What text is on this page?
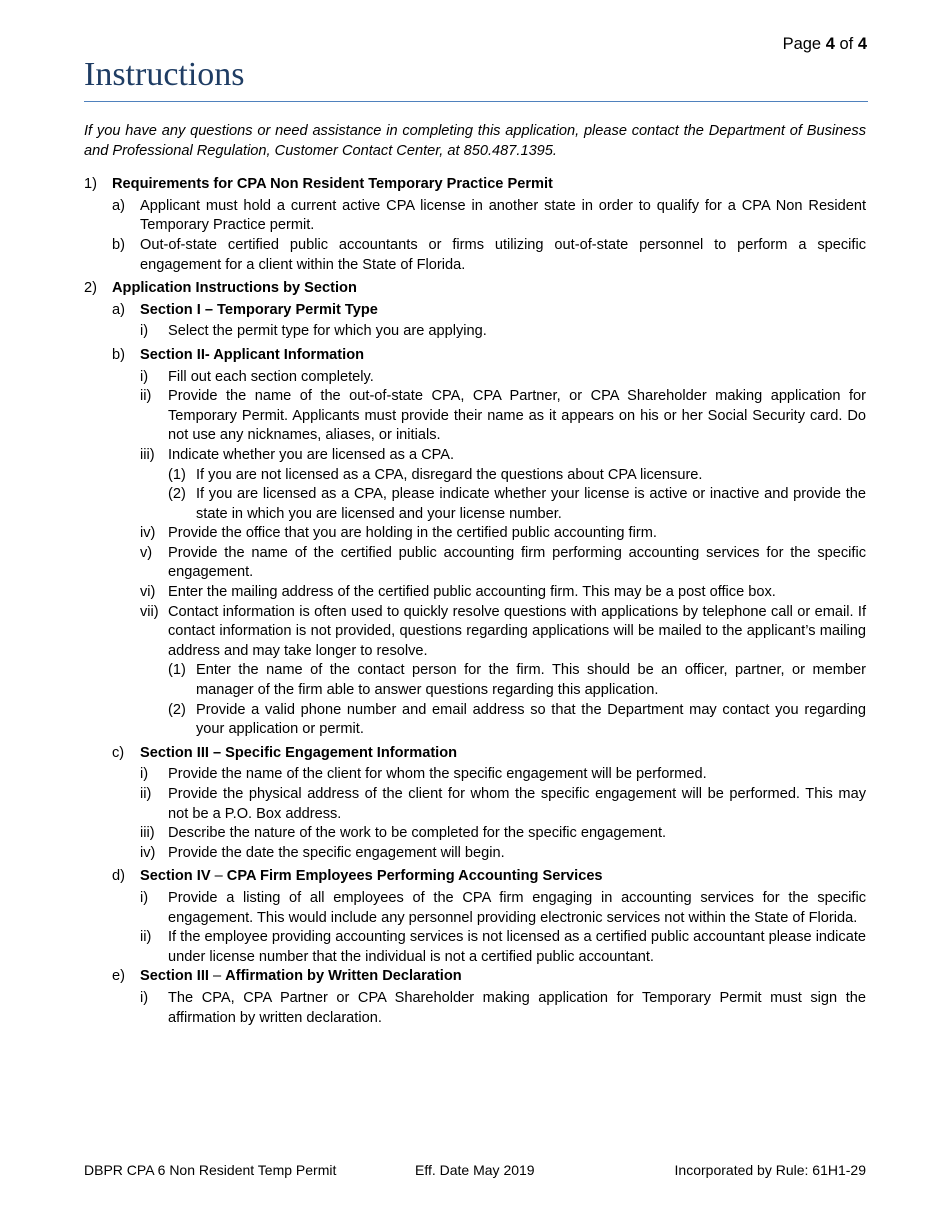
Page 4 of 4
Instructions

If you have any questions or need assistance in completing this application, please contact the Department of Business and Professional Regulation, Customer Contact Center, at 850.487.1395.

1)	Requirements for CPA Non Resident Temporary Practice Permit
a)	Applicant must hold a current active CPA license in another state in order to qualify for a CPA Non Resident Temporary Practice permit.
b)	Out-of-state certified public accountants or firms utilizing out-of-state personnel to perform a specific engagement for a client within the State of Florida.
2)	Application Instructions by Section
a)	Section I – Temporary Permit Type
i)	Select the permit type for which you are applying.
b)	Section II- Applicant Information
i)	Fill out each section completely.
ii)	Provide the name of the out-of-state CPA, CPA Partner, or CPA Shareholder making application for Temporary Permit. Applicants must provide their name as it appears on his or her Social Security card. Do not use any nicknames, aliases, or initials.
iii) Indicate whether you are licensed as a CPA.
(1) If you are not licensed as a CPA, disregard the questions about CPA licensure.
(2) If you are licensed as a CPA, please indicate whether your license is active or inactive and provide the state in which you are licensed and your license number.
iv) Provide the office that you are holding in the certified public accounting firm.
v)	Provide the name of the certified public accounting firm performing accounting services for the specific engagement.
vi) Enter the mailing address of the certified public accounting firm. This may be a post office box.
vii) Contact information is often used to quickly resolve questions with applications by telephone call or email. If contact information is not provided, questions regarding applications will be mailed to the applicant’s mailing address and may take longer to resolve.
(1) Enter the name of the contact person for the firm. This should be an officer, partner, or member manager of the firm able to answer questions regarding this application.
(2) Provide a valid phone number and email address so that the Department may contact you regarding your application or permit.
c)	Section III – Specific Engagement Information
i)	Provide the name of the client for whom the specific engagement will be performed.
ii)	Provide the physical address of the client for whom the specific engagement will be performed. This may not be a P.O. Box address.
iii) Describe the nature of the work to be completed for the specific engagement.
iv) Provide the date the specific engagement will begin.
d)	Section IV – CPA Firm Employees Performing Accounting Services
i)	Provide a listing of all employees of the CPA firm engaging in accounting services for the specific engagement. This would include any personnel providing electronic services not within the State of Florida.
ii)	If the employee providing accounting services is not licensed as a certified public accountant please indicate under license number that the individual is not a certified public accountant.
e)	Section III – Affirmation by Written Declaration
i)	The CPA, CPA Partner or CPA Shareholder making application for Temporary Permit must sign the affirmation by written declaration.
DBPR CPA 6 Non Resident Temp Permit	Eff. Date May 2019	Incorporated by Rule: 61H1-29
